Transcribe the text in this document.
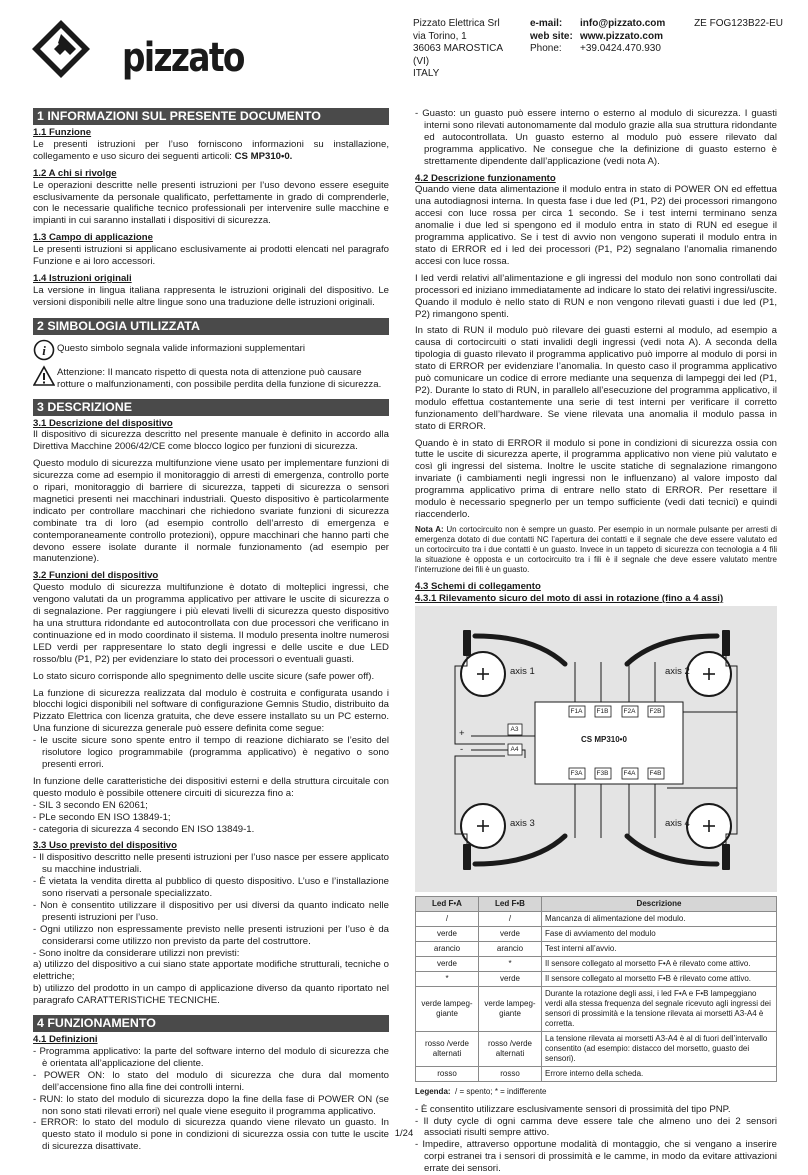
pizzato
Pizzato Elettrica Srl
via Torino, 1
36063 MAROSTICA (VI)
ITALY
e-mail: info@pizzato.com
web site: www.pizzato.com
Phone: +39.0424.470.930
ZE FOG123B22-EU
1 INFORMAZIONI SUL PRESENTE DOCUMENTO
1.1 Funzione

Le presenti istruzioni per l’uso forniscono informazioni su installazione, collegamento e uso sicuro dei seguenti articoli: CS MP310•0.

1.2 A chi si rivolge

Le operazioni descritte nelle presenti istruzioni per l’uso devono essere eseguite esclusivamente da personale qualificato, perfettamente in grado di comprenderle, con le necessarie qualifiche tecnico professionali per intervenire sulle macchine e impianti in cui saranno installati i dispositivi di sicurezza.

1.3 Campo di applicazione

Le presenti istruzioni si applicano esclusivamente ai prodotti elencati nel paragrafo Funzione e ai loro accessori.

1.4 Istruzioni originali

La versione in lingua italiana rappresenta le istruzioni originali del dispositivo. Le versioni disponibili nelle altre lingue sono una traduzione delle istruzioni originali.

2 SIMBOLOGIA UTILIZZATA
i Questo simbolo segnala valide informazioni supplementari
Attenzione: Il mancato rispetto di questa nota di attenzione può causare rotture o malfunzionamenti, con possibile perdita della funzione di sicurezza.
3 DESCRIZIONE
3.1 Descrizione del dispositivo

Il dispositivo di sicurezza descritto nel presente manuale è definito in accordo alla Direttiva Macchine 2006/42/CE come blocco logico per funzioni di sicurezza.

Questo modulo di sicurezza multifunzione viene usato per implementare funzioni di sicurezza come ad esempio il monitoraggio di arresti di emergenza, controllo porte o ripari, monitoraggio di barriere di sicurezza, tappeti di sicurezza o sensori magnetici presenti nei macchinari industriali. Questo dispositivo è particolarmente indicato per controllare macchinari che richiedono svariate funzioni di sicurezza combinate tra di loro (ad esempio controllo dell’arresto di emergenza e contemporaneamente controllo protezioni), oppure macchinari che hanno parti che devono essere isolate durante il normale funzionamento (ad esempio per manutenzione).

3.2 Funzioni del dispositivo

Questo modulo di sicurezza multifunzione è dotato di molteplici ingressi, che vengono valutati da un programma applicativo per attivare le uscite di sicurezza o di segnalazione. Per raggiungere i più elevati livelli di sicurezza questo dispositivo ha una struttura ridondante ed autocontrollata con due processori che verificano in continuazione ed in modo coordinato il sistema. Il modulo presenta inoltre numerosi LED verdi per rappresentare lo stato degli ingressi e delle uscite e due LED rosso/blu (P1, P2) per evidenziare lo stato dei processori o eventuali guasti.

Lo stato sicuro corrisponde allo spegnimento delle uscite sicure (safe power off).

La funzione di sicurezza realizzata dal modulo è costruita e configurata usando i blocchi logici disponibili nel software di configurazione Gemnis Studio, distribuito da Pizzato Elettrica con licenza gratuita, che deve essere installato su un PC esterno. Una funzione di sicurezza generale può essere definita come segue:

- le uscite sicure sono spente entro il tempo di reazione dichiarato se l’esito del risolutore logico programmabile (programma applicativo) è negativo o sono presenti errori.

In funzione delle caratteristiche dei dispositivi esterni e della struttura circuitale con questo modulo è possibile ottenere circuiti di sicurezza fino a:

- SIL 3 secondo EN 62061;

- PLe secondo EN ISO 13849-1;

- categoria di sicurezza 4 secondo EN ISO 13849-1.

3.3 Uso previsto del dispositivo

- Il dispositivo descritto nelle presenti istruzioni per l’uso nasce per essere applicato su macchine industriali.

- È vietata la vendita diretta al pubblico di questo dispositivo. L’uso e l’installazione sono riservati a personale specializzato.

- Non è consentito utilizzare il dispositivo per usi diversi da quanto indicato nelle presenti istruzioni per l’uso.

- Ogni utilizzo non espressamente previsto nelle presenti istruzioni per l’uso è da considerarsi come utilizzo non previsto da parte del costruttore.

- Sono inoltre da considerare utilizzi non previsti:

a) utilizzo del dispositivo a cui siano state apportate modifiche strutturali, tecniche o elettriche;

b) utilizzo del prodotto in un campo di applicazione diverso da quanto riportato nel paragrafo CARATTERISTICHE TECNICHE.

4 FUNZIONAMENTO
4.1 Definizioni

- Programma applicativo: la parte del software interno del modulo di sicurezza che è orientata all’applicazione del cliente.

- POWER ON: lo stato del modulo di sicurezza che dura dal momento dell’accensione fino alla fine dei controlli interni.

- RUN: lo stato del modulo di sicurezza dopo la fine della fase di POWER ON (se non sono stati rilevati errori) nel quale viene eseguito il programma applicativo.

- ERROR: lo stato del modulo di sicurezza quando viene rilevato un guasto. In questo stato il modulo si pone in condizioni di sicurezza ossia con tutte le uscite di sicurezza disattivate.

- Guasto: un guasto può essere interno o esterno al modulo di sicurezza. I guasti interni sono rilevati autonomamente dal modulo grazie alla sua struttura ridondante ed autocontrollata. Un guasto esterno al modulo può essere rilevato dal programma applicativo. Ne consegue che la definizione di guasto esterno è strettamente dipendente dall’applicazione (vedi nota A).

4.2 Descrizione funzionamento

Quando viene data alimentazione il modulo entra in stato di POWER ON ed effettua una autodiagnosi interna. In questa fase i due led (P1, P2) dei processori rimangono accesi con luce rossa per circa 1 secondo. Se i test interni terminano senza anomalie i due led si spengono ed il modulo entra in stato di RUN ed esegue il programma applicativo. Se i test di avvio non vengono superati il modulo entra in stato di ERROR ed i led dei processori (P1, P2) segnalano l’anomalia rimanendo accesi con luce rossa.

I led verdi relativi all’alimentazione e gli ingressi del modulo non sono controllati dai processori ed iniziano immediatamente ad indicare lo stato dei relativi ingressi/uscite. Quando il modulo è nello stato di RUN e non vengono rilevati guasti i due led (P1, P2) rimangono spenti.

In stato di RUN il modulo può rilevare dei guasti esterni al modulo, ad esempio a causa di cortocircuiti o stati invalidi degli ingressi (vedi nota A). A seconda della tipologia di guasto rilevato il programma applicativo può imporre al modulo di porsi in stato di ERROR per evidenziare l’anomalia. In questo caso il programma applicativo può comunicare un codice di errore mediante una sequenza di lampeggi dei led (P1, P2). Durante lo stato di RUN, in parallelo all’esecuzione del programma applicativo, il modulo effettua costantemente una serie di test interni per verificare il corretto funzionamento dell’hardware. Se viene rilevata una anomalia il modulo passa in stato di ERROR.

Quando è in stato di ERROR il modulo si pone in condizioni di sicurezza ossia con tutte le uscite di sicurezza aperte, il programma applicativo non viene più valutato e così gli ingressi del sistema. Inoltre le uscite statiche di segnalazione rimangono invariate (i cambiamenti negli ingressi non le influenzano) al valore imposto dal programma applicativo prima di entrare nello stato di ERROR. Per resettare il modulo è necessario spegnerlo per un tempo sufficiente (vedi dati tecnici) e quindi riaccenderlo.

Nota A: Un cortocircuito non è sempre un guasto. Per esempio in un normale pulsante per arresti di emergenza dotato di due contatti NC l’apertura dei contatti e il segnale che deve essere valutato ed un cortocircuito tra i due contatti è un guasto. Invece in un tappeto di sicurezza con tecnologia a 4 fili la situazione è opposta e un cortocircuito tra i fili è il segnale che deve essere valutato mentre l’interruzione dei fili è un guasto.

4.3 Schemi di collegamento
4.3.1 Rilevamento sicuro del moto di assi in rotazione (fino a 4 assi)
axis 1	axis 2
axis 3	axis 4
CS MP310•0
+
-
A3
A4
F1A	F1B	F2A	F2B
F3A	F3B	F4A	F4B
Led F•A	Led F•B	Descrizione
/	/	Mancanza di alimentazione del modulo.
verde	verde	Fase di avviamento del modulo
arancio	arancio	Test interni all’avvio.
verde	*	Il sensore collegato al morsetto F•A è rilevato come attivo.
*	verde	Il sensore collegato al morsetto F•B è rilevato come attivo.
verde lampeg-giante	verde lampeg-giante	Durante la rotazione degli assi, i led F•A e F•B lampeggiano verdi alla stessa frequenza del segnale ricevuto agli ingressi dei sensori di prossimità e la tensione rilevata ai morsetti A3-A4 è corretta.
rosso /verde alternati	rosso /verde alternati	La tensione rilevata ai morsetti A3-A4 è al di fuori dell’intervallo consentito (ad esempio: distacco del morsetto, guasto dei sensori).
rosso	rosso	Errore interno della scheda.
Legenda: / = spento; * = indifferente

- È consentito utilizzare esclusivamente sensori di prossimità del tipo PNP.

- Il duty cycle di ogni camma deve essere tale che almeno uno dei 2 sensori associati risulti sempre attivo.

- Impedire, attraverso opportune modalità di montaggio, che si vengano a inserire corpi estranei tra i sensori di prossimità e le camme, in modo da evitare attivazioni errate dei sensori.

1/24
